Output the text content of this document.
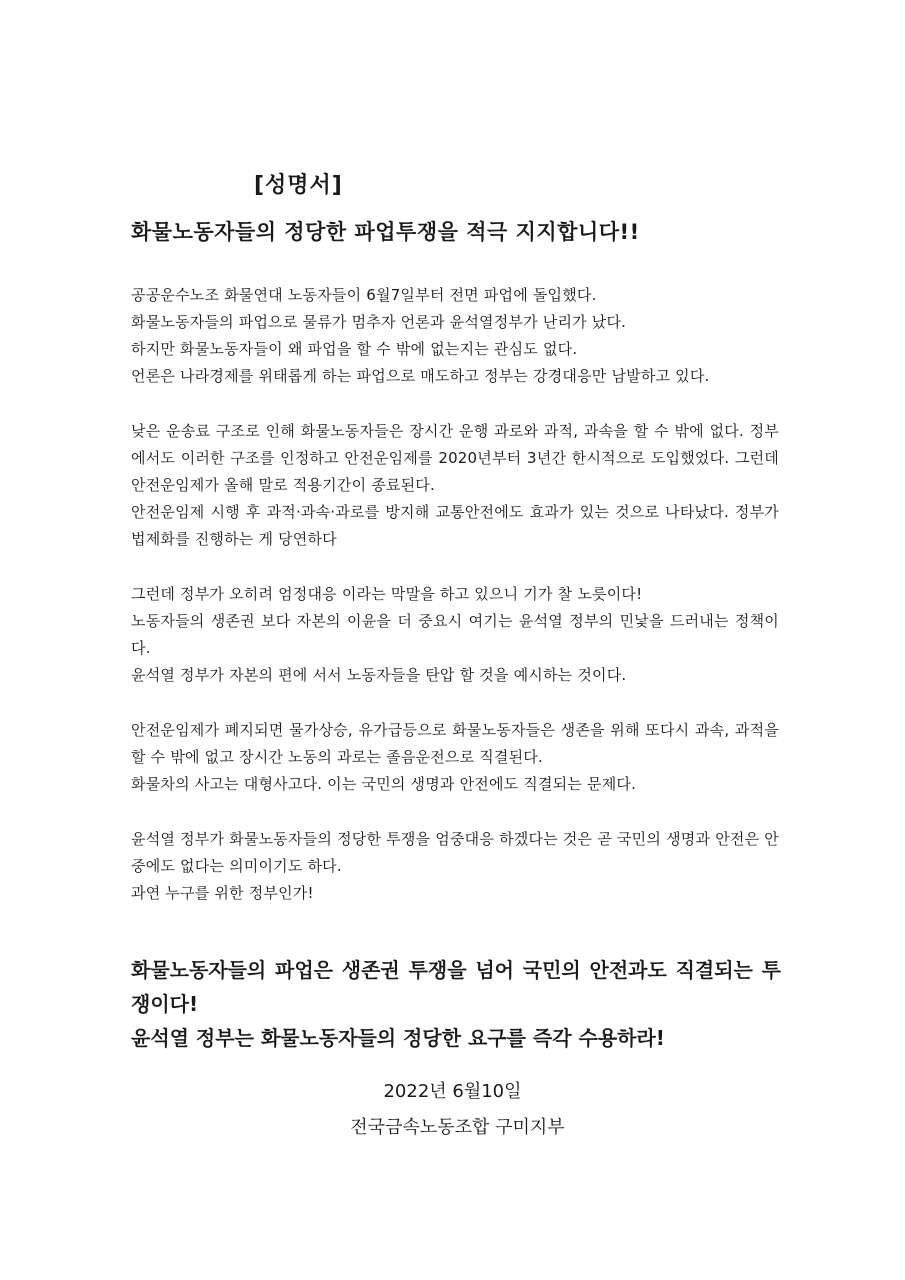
[성명서]
화물노동자들의 정당한 파업투쟁을 적극 지지합니다!!

공공운수노조 화물연대 노동자들이 6월7일부터 전면 파업에 돌입했다.

화물노동자들의 파업으로 물류가 멈추자 언론과 윤석열정부가 난리가 났다.

하지만 화물노동자들이 왜 파업을 할 수 밖에 없는지는 관심도 없다.

언론은 나라경제를 위태롭게 하는 파업으로 매도하고 정부는 강경대응만 남발하고 있다.

낮은 운송료 구조로 인해 화물노동자들은 장시간 운행 과로와 과적, 과속을 할 수 밖에 없다. 정부에서도 이러한 구조를 인정하고 안전운임제를 2020년부터 3년간 한시적으로 도입했었다. 그런데 안전운임제가 올해 말로 적용기간이 종료된다.

안전운임제 시행 후 과적·과속·과로를 방지해 교통안전에도 효과가 있는 것으로 나타났다. 정부가 법제화를 진행하는 게 당연하다

그런데 정부가 오히려 엄정대응 이라는 막말을 하고 있으니 기가 찰 노릇이다!

노동자들의 생존권 보다 자본의 이윤을 더 중요시 여기는 윤석열 정부의 민낯을 드러내는 정책이다.

윤석열 정부가 자본의 편에 서서 노동자들을 탄압 할 것을 예시하는 것이다.

안전운임제가 폐지되면 물가상승, 유가급등으로 화물노동자들은 생존을 위해 또다시 과속, 과적을 할 수 밖에 없고 장시간 노동의 과로는 졸음운전으로 직결된다.

화물차의 사고는 대형사고다. 이는 국민의 생명과 안전에도 직결되는 문제다.

윤석열 정부가 화물노동자들의 정당한 투쟁을 엄중대응 하겠다는 것은 곧 국민의 생명과 안전은 안중에도 없다는 의미이기도 하다.

과연 누구를 위한 정부인가!

화물노동자들의 파업은 생존권 투쟁을 넘어 국민의 안전과도 직결되는 투쟁이다!

윤석열 정부는 화물노동자들의 정당한 요구를 즉각 수용하라!

2022년 6월10일

전국금속노동조합 구미지부
